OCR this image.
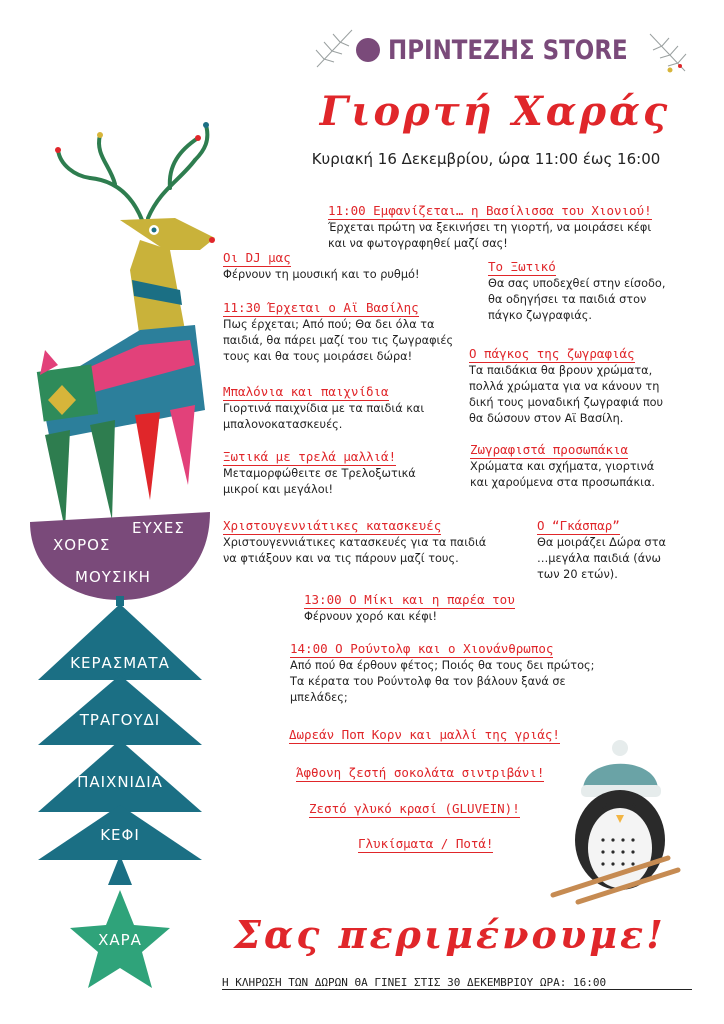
ΠΡΙΝΤΕΖΗΣ STORE
Γιορτή Χαράς
Κυριακή 16 Δεκεμβρίου, ώρα 11:00 έως 16:00
ΕΥΧΕΣ
ΧΟΡΟΣ
ΜΟΥΣΙΚΗ
ΚΕΡΑΣΜΑΤΑ
ΤΡΑΓΟΥΔΙ
ΠΑΙΧΝΙΔΙΑ
ΚΕΦΙ
ΧΑΡΑ
11:00 Εμφανίζεται… η Βασίλισσα του Χιονιού!
Έρχεται πρώτη να ξεκινήσει τη γιορτή, να μοιράσει κέφι
και να φωτογραφηθεί μαζί σας!
Οι DJ μας
Φέρνουν τη μουσική και το ρυθμό!
Το Ξωτικό
Θα σας υποδεχθεί στην είσοδο,
θα οδηγήσει τα παιδιά στον
πάγκο ζωγραφιάς.
11:30 Έρχεται ο Αϊ Βασίλης
Πως έρχεται; Από πού; Θα δει όλα τα
παιδιά, θα πάρει μαζί του τις ζωγραφιές
τους και θα τους μοιράσει δώρα!	Ο πάγκος της ζωγραφιάς
Τα παιδάκια θα βρουν χρώματα,
πολλά χρώματα για να κάνουν τη
δική τους μοναδική ζωγραφιά που
θα δώσουν στον Αϊ Βασίλη.
Μπαλόνια και παιχνίδια
Γιορτινά παιχνίδια με τα παιδιά και
μπαλονοκατασκευές.
Ζωγραφιστά προσωπάκια
Χρώματα και σχήματα, γιορτινά
και χαρούμενα στα προσωπάκια.
Ξωτικά με τρελά μαλλιά!
Μεταμορφώθειτε σε Τρελοξωτικά
μικροί και μεγάλοι!
Χριστουγεννιάτικες κατασκευές
Χριστουγεννιάτικες κατασκευές για τα παιδιά
να φτιάξουν και να τις πάρουν μαζί τους.
Ο “Γκάσπαρ”
Θα μοιράζει Δώρα στα
…μεγάλα παιδιά (άνω
των 20 ετών).
13:00 Ο Μίκι και η παρέα του
Φέρνουν χορό και κέφι!
14:00 Ο Ρούντολφ και ο Χιονάνθρωπος
Από πού θα έρθουν φέτος; Ποιός θα τους δει πρώτος;
Τα κέρατα του Ρούντολφ θα τον βάλουν ξανά σε
μπελάδες;
Δωρεάν Ποπ Κορν και μαλλί της γριάς!
Άφθονη ζεστή σοκολάτα σιντριβάνι!
Ζεστό γλυκό κρασί (GLUVEIN)!
Γλυκίσματα / Ποτά!
Σας περιμένουμε!
Η ΚΛΗΡΩΣΗ ΤΩΝ ΔΩΡΩΝ ΘΑ ΓΙΝΕΙ ΣΤΙΣ 30 ΔΕΚΕΜΒΡΙΟΥ ΩΡΑ: 16:00
